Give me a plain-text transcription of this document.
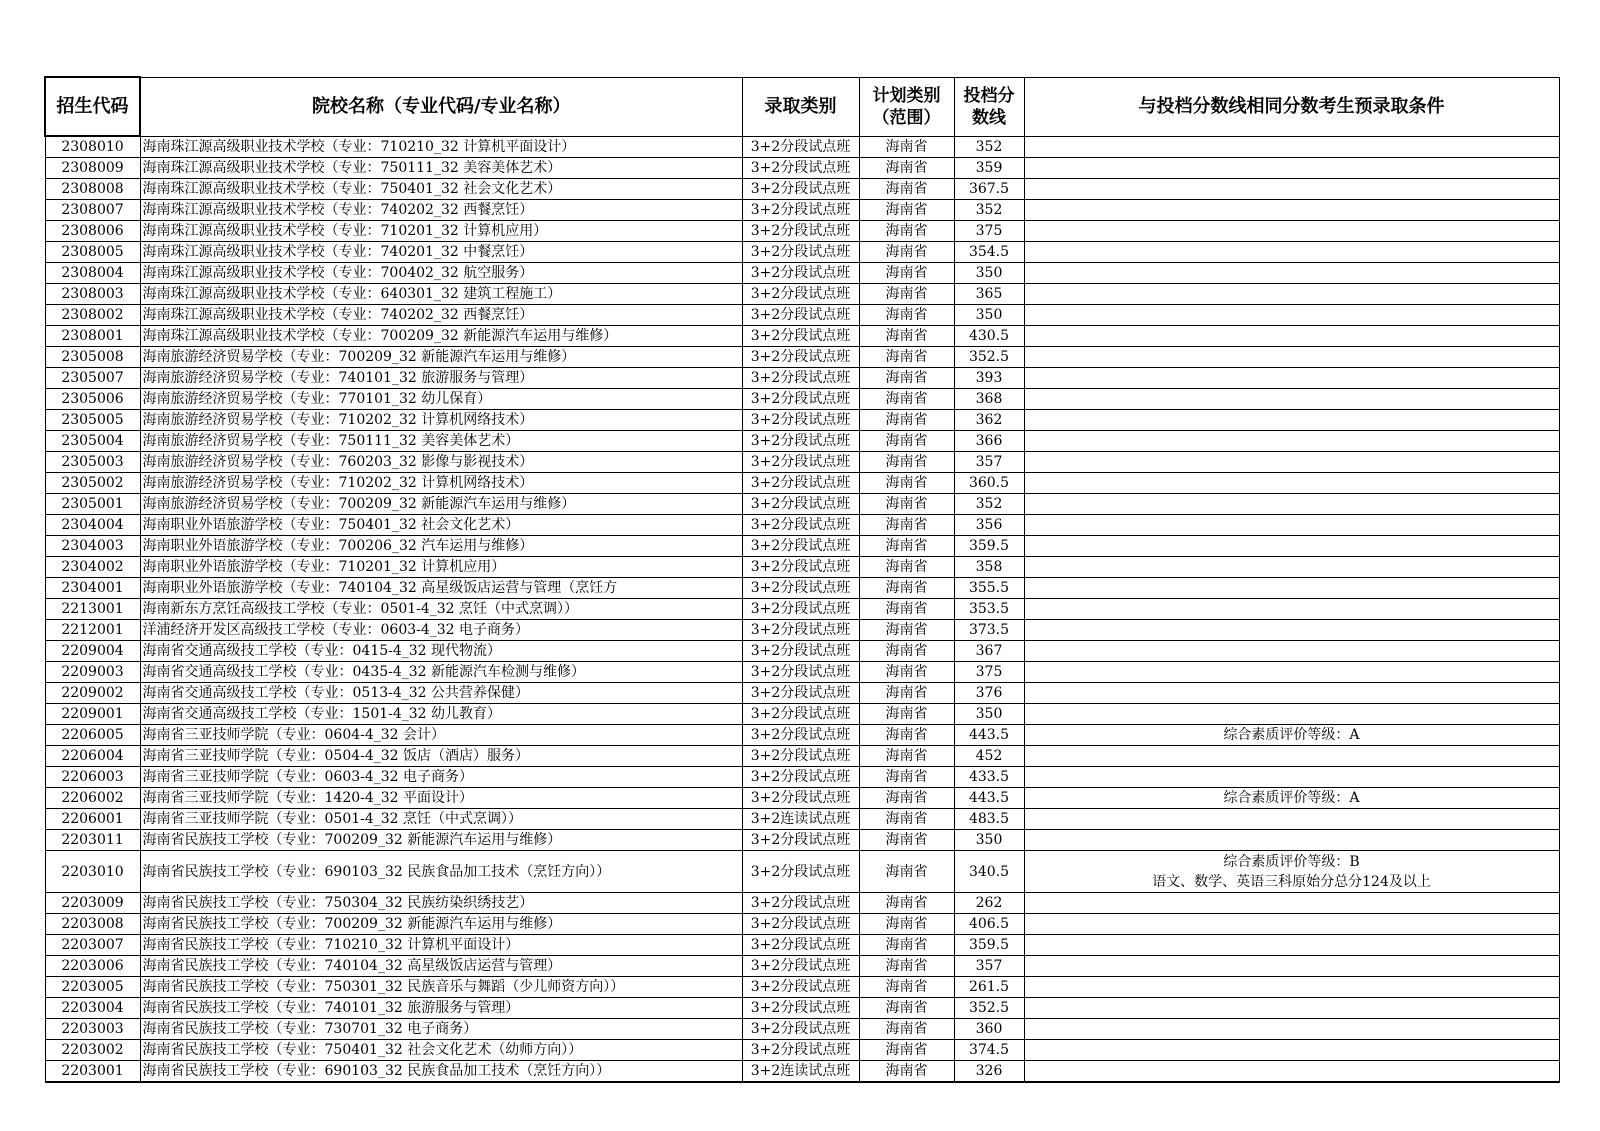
招生代码	院校名称（专业代码/专业名称）	录取类别	计划类别（范围）	投档分数线	与投档分数线相同分数考生预录取条件
2308010	海南珠江源高级职业技术学校（专业：710210_32 计算机平面设计）	3+2分段试点班	海南省	352	
2308009	海南珠江源高级职业技术学校（专业：750111_32 美容美体艺术）	3+2分段试点班	海南省	359	
2308008	海南珠江源高级职业技术学校（专业：750401_32 社会文化艺术）	3+2分段试点班	海南省	367.5	
2308007	海南珠江源高级职业技术学校（专业：740202_32 西餐烹饪）	3+2分段试点班	海南省	352	
2308006	海南珠江源高级职业技术学校（专业：710201_32 计算机应用）	3+2分段试点班	海南省	375	
2308005	海南珠江源高级职业技术学校（专业：740201_32 中餐烹饪）	3+2分段试点班	海南省	354.5	
2308004	海南珠江源高级职业技术学校（专业：700402_32 航空服务）	3+2分段试点班	海南省	350	
2308003	海南珠江源高级职业技术学校（专业：640301_32 建筑工程施工）	3+2分段试点班	海南省	365	
2308002	海南珠江源高级职业技术学校（专业：740202_32 西餐烹饪）	3+2分段试点班	海南省	350	
2308001	海南珠江源高级职业技术学校（专业：700209_32 新能源汽车运用与维修）	3+2分段试点班	海南省	430.5	
2305008	海南旅游经济贸易学校（专业：700209_32 新能源汽车运用与维修）	3+2分段试点班	海南省	352.5	
2305007	海南旅游经济贸易学校（专业：740101_32 旅游服务与管理）	3+2分段试点班	海南省	393	
2305006	海南旅游经济贸易学校（专业：770101_32 幼儿保育）	3+2分段试点班	海南省	368	
2305005	海南旅游经济贸易学校（专业：710202_32 计算机网络技术）	3+2分段试点班	海南省	362	
2305004	海南旅游经济贸易学校（专业：750111_32 美容美体艺术）	3+2分段试点班	海南省	366	
2305003	海南旅游经济贸易学校（专业：760203_32 影像与影视技术）	3+2分段试点班	海南省	357	
2305002	海南旅游经济贸易学校（专业：710202_32 计算机网络技术）	3+2分段试点班	海南省	360.5	
2305001	海南旅游经济贸易学校（专业：700209_32 新能源汽车运用与维修）	3+2分段试点班	海南省	352	
2304004	海南职业外语旅游学校（专业：750401_32 社会文化艺术）	3+2分段试点班	海南省	356	
2304003	海南职业外语旅游学校（专业：700206_32 汽车运用与维修）	3+2分段试点班	海南省	359.5	
2304002	海南职业外语旅游学校（专业：710201_32 计算机应用）	3+2分段试点班	海南省	358	
2304001	海南职业外语旅游学校（专业：740104_32 高星级饭店运营与管理（烹饪方	3+2分段试点班	海南省	355.5	
2213001	海南新东方烹饪高级技工学校（专业：0501-4_32 烹饪（中式烹调））	3+2分段试点班	海南省	353.5	
2212001	洋浦经济开发区高级技工学校（专业：0603-4_32 电子商务）	3+2分段试点班	海南省	373.5	
2209004	海南省交通高级技工学校（专业：0415-4_32 现代物流）	3+2分段试点班	海南省	367	
2209003	海南省交通高级技工学校（专业：0435-4_32 新能源汽车检测与维修）	3+2分段试点班	海南省	375	
2209002	海南省交通高级技工学校（专业：0513-4_32 公共营养保健）	3+2分段试点班	海南省	376	
2209001	海南省交通高级技工学校（专业：1501-4_32 幼儿教育）	3+2分段试点班	海南省	350	
2206005	海南省三亚技师学院（专业：0604-4_32 会计）	3+2分段试点班	海南省	443.5	综合素质评价等级：A
2206004	海南省三亚技师学院（专业：0504-4_32 饭店（酒店）服务）	3+2分段试点班	海南省	452	
2206003	海南省三亚技师学院（专业：0603-4_32 电子商务）	3+2分段试点班	海南省	433.5	
2206002	海南省三亚技师学院（专业：1420-4_32 平面设计）	3+2分段试点班	海南省	443.5	综合素质评价等级：A
2206001	海南省三亚技师学院（专业：0501-4_32 烹饪（中式烹调））	3+2连读试点班	海南省	483.5	
2203011	海南省民族技工学校（专业：700209_32 新能源汽车运用与维修）	3+2分段试点班	海南省	350	
2203010	海南省民族技工学校（专业：690103_32 民族食品加工技术（烹饪方向））	3+2分段试点班	海南省	340.5	综合素质评价等级：B
语文、数学、英语三科原始分总分124及以上
2203009	海南省民族技工学校（专业：750304_32 民族纺染织绣技艺）	3+2分段试点班	海南省	262	
2203008	海南省民族技工学校（专业：700209_32 新能源汽车运用与维修）	3+2分段试点班	海南省	406.5	
2203007	海南省民族技工学校（专业：710210_32 计算机平面设计）	3+2分段试点班	海南省	359.5	
2203006	海南省民族技工学校（专业：740104_32 高星级饭店运营与管理）	3+2分段试点班	海南省	357	
2203005	海南省民族技工学校（专业：750301_32 民族音乐与舞蹈（少儿师资方向））	3+2分段试点班	海南省	261.5	
2203004	海南省民族技工学校（专业：740101_32 旅游服务与管理）	3+2分段试点班	海南省	352.5	
2203003	海南省民族技工学校（专业：730701_32 电子商务）	3+2分段试点班	海南省	360	
2203002	海南省民族技工学校（专业：750401_32 社会文化艺术（幼师方向））	3+2分段试点班	海南省	374.5	
2203001	海南省民族技工学校（专业：690103_32 民族食品加工技术（烹饪方向））	3+2连读试点班	海南省	326	
